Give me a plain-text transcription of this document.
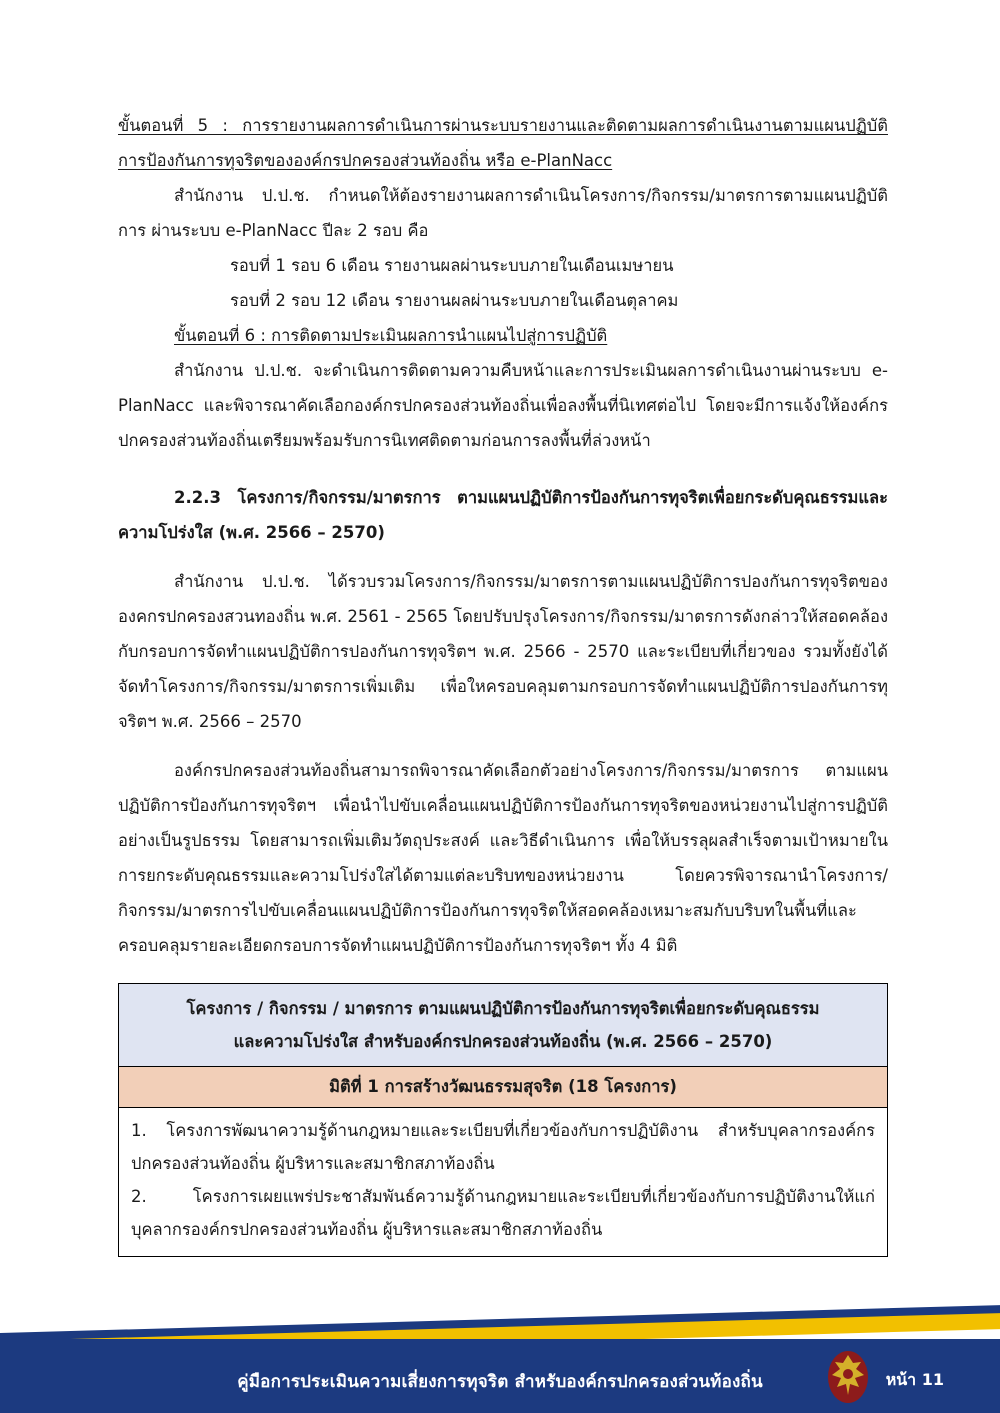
ขั้นตอนที่ 5 : การรายงานผลการดำเนินการผ่านระบบรายงานและติดตามผลการดำเนินงานตามแผนปฏิบัติการป้องกันการทุจริตขององค์กรปกครองส่วนท้องถิ่น หรือ e-PlanNacc

สำนักงาน ป.ป.ช. กำหนดให้ต้องรายงานผลการดำเนินโครงการ/กิจกรรม/มาตรการตามแผนปฏิบัติการ ผ่านระบบ e-PlanNacc ปีละ 2 รอบ คือ

รอบที่ 1 รอบ 6 เดือน รายงานผลผ่านระบบภายในเดือนเมษายน

รอบที่ 2 รอบ 12 เดือน รายงานผลผ่านระบบภายในเดือนตุลาคม

ขั้นตอนที่ 6 : การติดตามประเมินผลการนำแผนไปสู่การปฏิบัติ

สำนักงาน ป.ป.ช. จะดำเนินการติดตามความคืบหน้าและการประเมินผลการดำเนินงานผ่านระบบ e-PlanNacc และพิจารณาคัดเลือกองค์กรปกครองส่วนท้องถิ่นเพื่อลงพื้นที่นิเทศต่อไป โดยจะมีการแจ้งให้องค์กรปกครองส่วนท้องถิ่นเตรียมพร้อมรับการนิเทศติดตามก่อนการลงพื้นที่ล่วงหน้า

2.2.3 โครงการ/กิจกรรม/มาตรการ ตามแผนปฏิบัติการป้องกันการทุจริตเพื่อยกระดับคุณธรรมและความโปร่งใส (พ.ศ. 2566 – 2570)

สำนักงาน ป.ป.ช. ได้รวบรวมโครงการ/กิจกรรม/มาตรการตามแผนปฏิบัติการปองกันการทุจริตขององคกรปกครองสวนทองถิ่น พ.ศ. 2561 - 2565 โดยปรับปรุงโครงการ/กิจกรรม/มาตรการดังกล่าวให้สอดคล้องกับกรอบการจัดทำแผนปฏิบัติการปองกันการทุจริตฯ พ.ศ. 2566 - 2570 และระเบียบที่เกี่ยวของ รวมทั้งยังได้จัดทำโครงการ/กิจกรรม/มาตรการเพิ่มเติม เพื่อใหครอบคลุมตามกรอบการจัดทำแผนปฏิบัติการปองกันการทุจริตฯ พ.ศ. 2566 – 2570

องค์กรปกครองส่วนท้องถิ่นสามารถพิจารณาคัดเลือกตัวอย่างโครงการ/กิจกรรม/มาตรการ ตามแผนปฏิบัติการป้องกันการทุจริตฯ เพื่อนำไปขับเคลื่อนแผนปฏิบัติการป้องกันการทุจริตของหน่วยงานไปสู่การปฏิบัติอย่างเป็นรูปธรรม โดยสามารถเพิ่มเติมวัตถุประสงค์ และวิธีดำเนินการ เพื่อให้บรรลุผลสำเร็จตามเป้าหมายในการยกระดับคุณธรรมและความโปร่งใสได้ตามแต่ละบริบทของหน่วยงาน โดยควรพิจารณานำโครงการ/กิจกรรม/มาตรการไปขับเคลื่อนแผนปฏิบัติการป้องกันการทุจริตให้สอดคล้องเหมาะสมกับบริบทในพื้นที่และครอบคลุมรายละเอียดกรอบการจัดทำแผนปฏิบัติการป้องกันการทุจริตฯ ทั้ง 4 มิติ

โครงการ / กิจกรรม / มาตรการ ตามแผนปฏิบัติการป้องกันการทุจริตเพื่อยกระดับคุณธรรม
และความโปร่งใส สำหรับองค์กรปกครองส่วนท้องถิ่น (พ.ศ. 2566 – 2570)
มิติที่ 1 การสร้างวัฒนธรรมสุจริต (18 โครงการ)
1. โครงการพัฒนาความรู้ด้านกฎหมายและระเบียบที่เกี่ยวข้องกับการปฏิบัติงาน สำหรับบุคลากรองค์กรปกครองส่วนท้องถิ่น ผู้บริหารและสมาชิกสภาท้องถิ่น
2. โครงการเผยแพร่ประชาสัมพันธ์ความรู้ด้านกฎหมายและระเบียบที่เกี่ยวข้องกับการปฏิบัติงานให้แก่บุคลากรองค์กรปกครองส่วนท้องถิ่น ผู้บริหารและสมาชิกสภาท้องถิ่น
คู่มือการประเมินความเสี่ยงการทุจริต สำหรับองค์กรปกครองส่วนท้องถิ่น	หน้า 11
